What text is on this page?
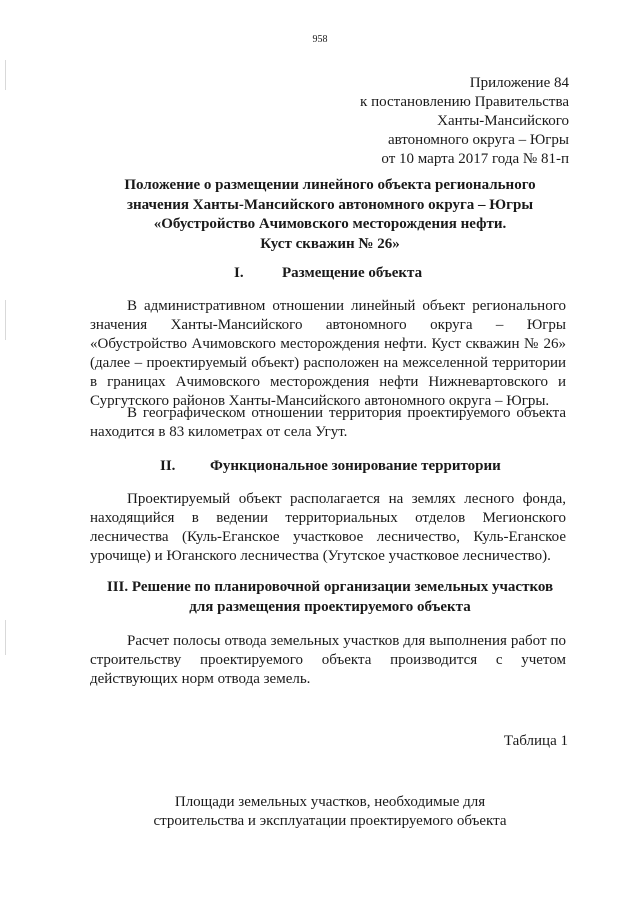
958
Приложение 84
к постановлению Правительства
Ханты-Мансийского
автономного округа – Югры
от 10 марта 2017 года № 81-п
Положение о размещении линейного объекта регионального
значения Ханты-Мансийского автономного округа – Югры
«Обустройство Ачимовского месторождения нефти.
Куст скважин № 26»
I.	Размещение объекта
В административном отношении линейный объект регионального значения Ханты-Мансийского автономного округа – Югры «Обустройство Ачимовского месторождения нефти. Куст скважин № 26» (далее – проектируемый объект) расположен на межселенной территории в границах Ачимовского месторождения нефти Нижневартовского и Сургутского районов Ханты-Мансийского автономного округа – Югры.
В географическом отношении территория проектируемого объекта находится в 83 километрах от села Угут.
II. Функциональное зонирование территории
Проектируемый объект располагается на землях лесного фонда, находящийся в ведении территориальных отделов Мегионского лесничества (Куль-Еганское участковое лесничество, Куль-Еганское урочище) и Юганского лесничества (Угутское участковое лесничество).
III. Решение по планировочной организации земельных участков
для размещения проектируемого объекта
Расчет полосы отвода земельных участков для выполнения работ по строительству проектируемого объекта производится с учетом действующих норм отвода земель.
Таблица 1
Площади земельных участков, необходимые для
строительства и эксплуатации проектируемого объекта
